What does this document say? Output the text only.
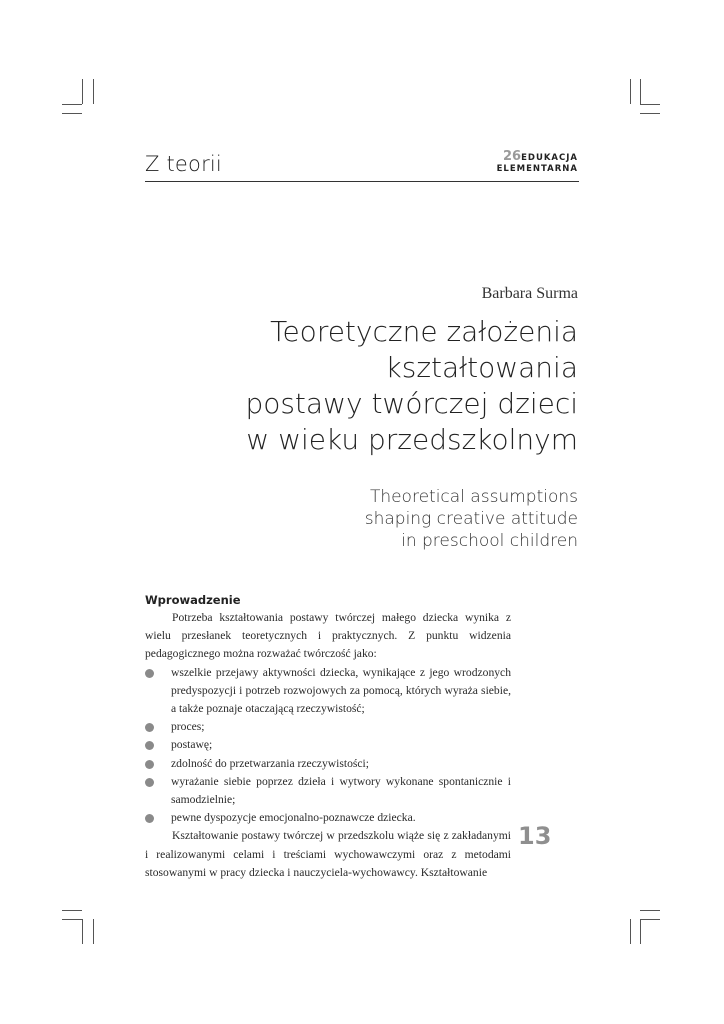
Z teorii	26EDUKACJA
ELEMENTARNA
Barbara Surma
Teoretyczne założenia
kształtowania
postawy twórczej dzieci
w wieku przedszkolnym
Theoretical assumptions
shaping creative attitude
in preschool children
Wprowadzenie

Potrzeba kształtowania postawy twórczej małego dziecka wynika z wielu przesłanek teoretycznych i praktycznych. Z punktu widzenia pedagogicznego można rozważać twórczość jako:

wszelkie przejawy aktywności dziecka, wynikające z jego wrodzonych predyspozycji i potrzeb rozwojowych za pomocą, których wyraża siebie, a także poznaje otaczającą rzeczywistość;
proces;
postawę;
zdolność do przetwarzania rzeczywistości;
wyrażanie siebie poprzez dzieła i wytwory wykonane spontanicznie i samodzielnie;
pewne dyspozycje emocjonalno-poznawcze dziecka.

Kształtowanie postawy twórczej w przedszkolu wiąże się z zakładanymi i realizowanymi celami i treściami wychowawczymi oraz z metodami stosowanymi w pracy dziecka i nauczyciela-wychowawcy. Kształtowanie

13
